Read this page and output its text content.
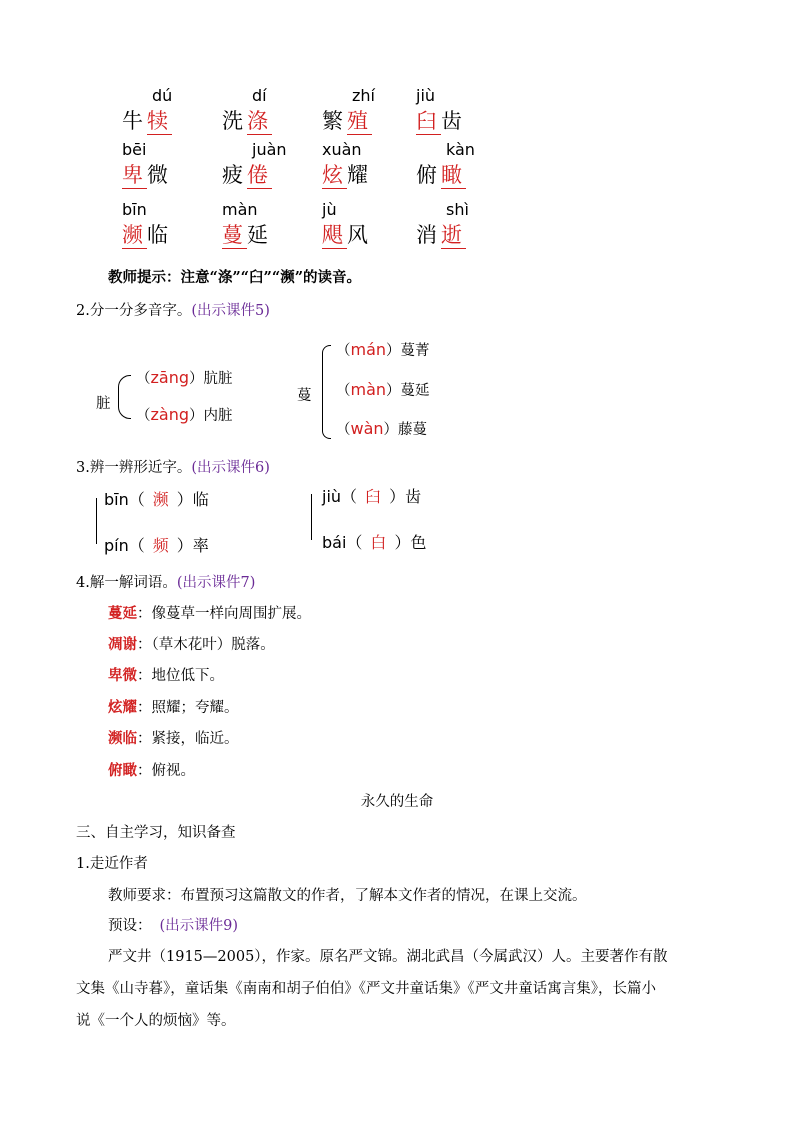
dú
牛犊
dí
洗涤
zhí
繁殖
jiù
臼齿
bēi
卑微
juàn
疲倦
xuàn
炫耀
kàn
俯瞰
bīn
濒临
màn
蔓延
jù
飓风
shì
消逝
教师提示：注意“涤”“臼”“濒”的读音。
2.分一分多音字。(出示课件5)
脏
（zāng）肮脏
（zàng）内脏
蔓
（mán）蔓菁
（màn）蔓延
（wàn）藤蔓
3.辨一辨形近字。(出示课件6)
bīn（ 濒 ）临
pín（ 频 ）率
jiù（ 臼 ）齿
bái（ 白 ）色
4.解一解词语。(出示课件7)
蔓延：像蔓草一样向周围扩展。
凋谢：（草木花叶）脱落。
卑微：地位低下。
炫耀：照耀；夸耀。
濒临：紧接，临近。
俯瞰：俯视。
永久的生命
三、自主学习，知识备查
1.走近作者
教师要求：布置预习这篇散文的作者，了解本文作者的情况，在课上交流。
预设： (出示课件9)
严文井（1915—2005），作家。原名严文锦。湖北武昌（今属武汉）人。主要著作有散
文集《山寺暮》，童话集《南南和胡子伯伯》《严文井童话集》《严文井童话寓言集》，长篇小
说《一个人的烦恼》等。
